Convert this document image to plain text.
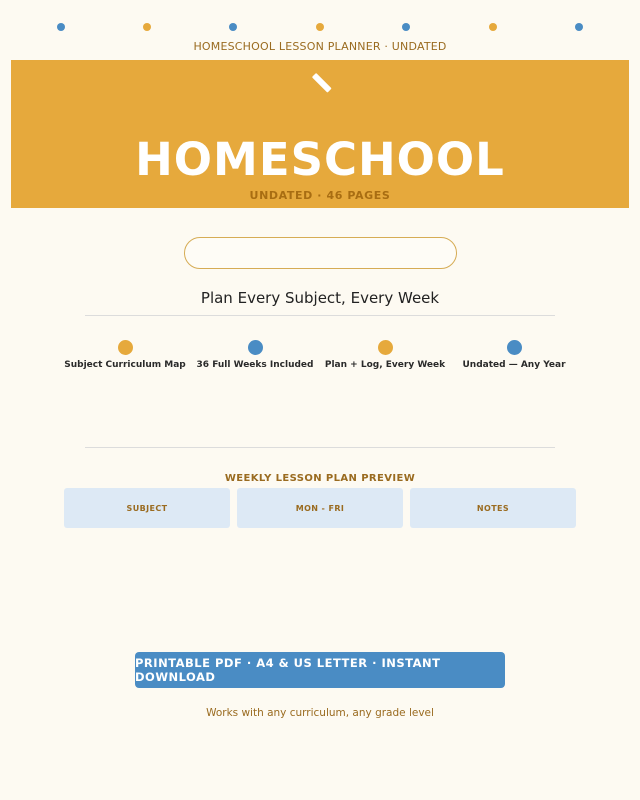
HOMESCHOOL LESSON PLANNER · UNDATED
HOMESCHOOL
UNDATED · 46 PAGES
Plan Every Subject, Every Week
Subject Curriculum Map	36 Full Weeks Included	Plan + Log, Every Week	Undated — Any Year
WEEKLY LESSON PLAN PREVIEW
SUBJECT	MON - FRI	NOTES
PRINTABLE PDF · A4 & US LETTER · INSTANT DOWNLOAD
Works with any curriculum, any grade level
